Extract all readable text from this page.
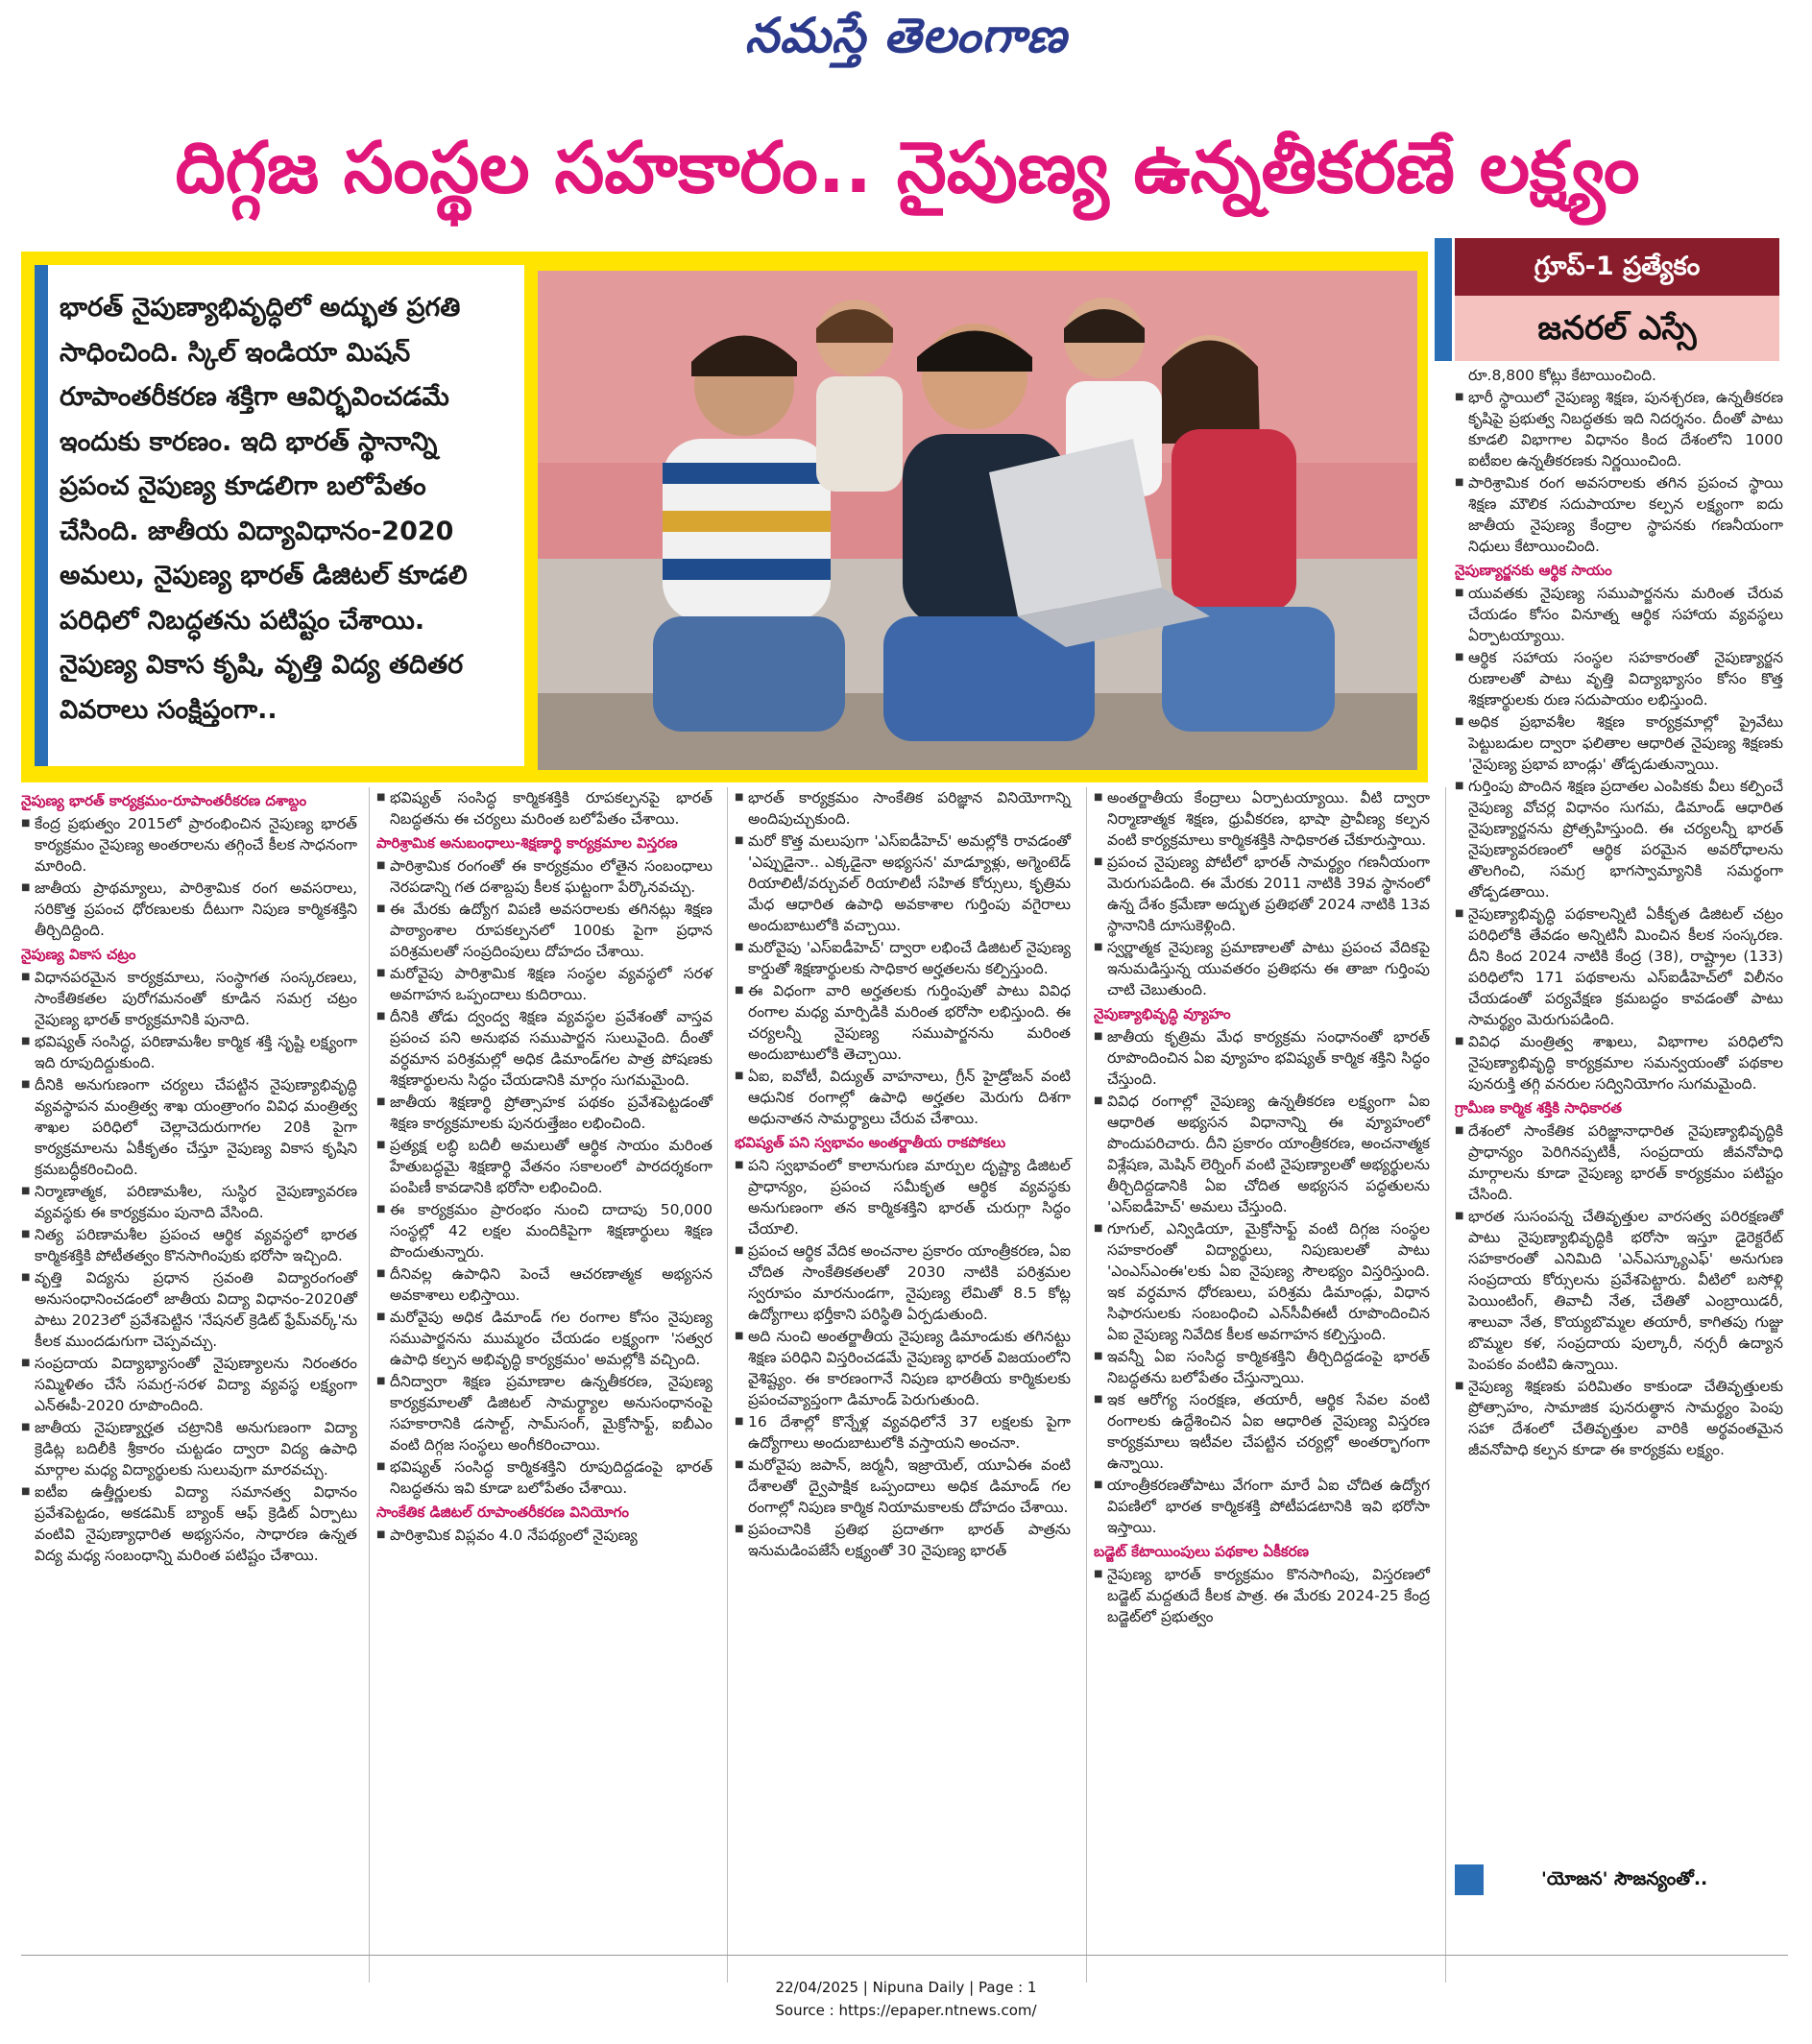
నమస్తే తెలంగాణ
దిగ్గజ సంస్థల సహకారం.. నైపుణ్య ఉన్నతీకరణే లక్ష్యం

భారత్‌ నైపుణ్యాభివృద్ధిలో అద్భుత ప్రగతి సాధించింది. స్కిల్‌ ఇండియా మిషన్‌ రూపాంతరీకరణ శక్తిగా ఆవిర్భవించడమే ఇందుకు కారణం. ఇది భారత్‌ స్థానాన్ని ప్రపంచ నైపుణ్య కూడలిగా బలోపేతం చేసింది. జాతీయ విద్యావిధానం-2020 అమలు, నైపుణ్య భారత్‌ డిజిటల్‌ కూడలి పరిధిలో నిబద్ధతను పటిష్టం చేశాయి. నైపుణ్య వికాస కృషి, వృత్తి విద్య తదితర వివరాలు సంక్షిప్తంగా..

గ్రూప్‌-1 ప్రత్యేకం
జనరల్‌ ఎస్సే
నైపుణ్య భారత్‌ కార్యక్రమం-రూపాంతరీకరణ దశాబ్దం

■ కేంద్ర ప్రభుత్వం 2015లో ప్రారంభించిన నైపుణ్య భారత్‌ కార్యక్రమం నైపుణ్య అంతరాలను తగ్గించే కీలక సాధనంగా మారింది.

■ జాతీయ ప్రాథమ్యాలు, పారిశ్రామిక రంగ అవసరాలు, సరికొత్త ప్రపంచ ధోరణులకు దీటుగా నిపుణ కార్మికశక్తిని తీర్చిదిద్దింది.

నైపుణ్య వికాస చట్రం

■ విధానపరమైన కార్యక్రమాలు, సంస్థాగత సంస్కరణలు, సాంకేతికతల పురోగమనంతో కూడిన సమగ్ర చట్రం నైపుణ్య భారత్‌ కార్యక్రమానికి పునాది.

■ భవిష్యత్‌ సంసిద్ధ, పరిణామశీల కార్మిక శక్తి సృష్టి లక్ష్యంగా ఇది రూపుదిద్దుకుంది.

■ దీనికి అనుగుణంగా చర్యలు చేపట్టిన నైపుణ్యాభివృద్ధి వ్యవస్థాపన మంత్రిత్వ శాఖ యంత్రాంగం వివిధ మంత్రిత్వ శాఖల పరిధిలో చెల్లాచెదురుగాగల 20కి పైగా కార్యక్రమాలను ఏకీకృతం చేస్తూ నైపుణ్య వికాస కృషిని క్రమబద్ధీకరించింది.

■ నిర్మాణాత్మక, పరిణామశీల, సుస్థిర నైపుణ్యావరణ వ్యవస్థకు ఈ కార్యక్రమం పునాది వేసింది.

■ నిత్య పరిణామశీల ప్రపంచ ఆర్థిక వ్యవస్థలో భారత కార్మికశక్తికి పోటీతత్వం కొనసాగింపుకు భరోసా ఇచ్చింది.

■ వృత్తి విద్యను ప్రధాన స్రవంతి విద్యారంగంతో అనుసంధానించడంలో జాతీయ విద్యా విధానం-2020తో పాటు 2023లో ప్రవేశపెట్టిన 'నేషనల్‌ క్రెడిట్‌ ఫ్రేమ్‌వర్క్‌'ను కీలక ముందడుగుగా చెప్పవచ్చు.

■ సంప్రదాయ విద్యాభ్యాసంతో నైపుణ్యాలను నిరంతరం సమ్మిళితం చేసే సమగ్ర-సరళ విద్యా వ్యవస్థ లక్ష్యంగా ఎన్‌ఈపీ-2020 రూపొందింది.

■ జాతీయ నైపుణ్యార్హత చట్రానికి అనుగుణంగా విద్యా క్రెడిట్ల బదిలీకి శ్రీకారం చుట్టడం ద్వారా విద్య ఉపాధి మార్గాల మధ్య విద్యార్థులకు సులువుగా మారవచ్చు.

■ ఐటీఐ ఉత్తీర్ణులకు విద్యా సమానత్వ విధానం ప్రవేశపెట్టడం, అకడమిక్‌ బ్యాంక్‌ ఆఫ్‌ క్రెడిట్‌ ఏర్పాటు వంటివి నైపుణ్యాధారిత అభ్యసనం, సాధారణ ఉన్నత విద్య మధ్య సంబంధాన్ని మరింత పటిష్టం చేశాయి.

■ భవిష్యత్‌ సంసిద్ధ కార్మికశక్తికి రూపకల్పనపై భారత్‌ నిబద్ధతను ఈ చర్యలు మరింత బలోపేతం చేశాయి.

పారిశ్రామిక అనుబంధాలు-శిక్షణార్థి కార్యక్రమాల విస్తరణ

■ పారిశ్రామిక రంగంతో ఈ కార్యక్రమం లోతైన సంబంధాలు నెరపడాన్ని గత దశాబ్దపు కీలక ఘట్టంగా పేర్కొనవచ్చు.

■ ఈ మేరకు ఉద్యోగ విపణి అవసరాలకు తగినట్లు శిక్షణ పాఠ్యాంశాల రూపకల్పనలో 100కు పైగా ప్రధాన పరిశ్రమలతో సంప్రదింపులు దోహదం చేశాయి.

■ మరోవైపు పారిశ్రామిక శిక్షణ సంస్థల వ్యవస్థలో సరళ అవగాహన ఒప్పందాలు కుదిరాయి.

■ దీనికి తోడు ద్వంద్వ శిక్షణ వ్యవస్థల ప్రవేశంతో వాస్తవ ప్రపంచ పని అనుభవ సముపార్జన సులువైంది. దీంతో వర్ధమాన పరిశ్రమల్లో అధిక డిమాండ్‌గల పాత్ర పోషణకు శిక్షణార్థులను సిద్ధం చేయడానికి మార్గం సుగమమైంది.

■ జాతీయ శిక్షణార్థి ప్రోత్సాహక పథకం ప్రవేశపెట్టడంతో శిక్షణ కార్యక్రమాలకు పునరుత్తేజం లభించింది.

■ ప్రత్యక్ష లబ్ధి బదిలీ అమలుతో ఆర్థిక సాయం మరింత హేతుబద్ధమై శిక్షణార్థి వేతనం సకాలంలో పారదర్శకంగా పంపిణీ కావడానికి భరోసా లభించింది.

■ ఈ కార్యక్రమం ప్రారంభం నుంచి దాదాపు 50,000 సంస్థల్లో 42 లక్షల మందికిపైగా శిక్షణార్థులు శిక్షణ పొందుతున్నారు.

■ దీనివల్ల ఉపాధిని పెంచే ఆచరణాత్మక అభ్యసన అవకాశాలు లభిస్తాయి.

■ మరోవైపు అధిక డిమాండ్‌ గల రంగాల కోసం నైపుణ్య సముపార్జనను ముమ్మరం చేయడం లక్ష్యంగా 'సత్వర ఉపాధి కల్పన అభివృద్ధి కార్యక్రమం' అమల్లోకి వచ్చింది.

■ దీనిద్వారా శిక్షణ ప్రమాణాల ఉన్నతీకరణ, నైపుణ్య కార్యక్రమాలతో డిజిటల్‌ సామర్థ్యాల అనుసంధానంపై సహకారానికి డసాల్ట్‌, సామ్‌సంగ్‌, మైక్రోసాఫ్ట్‌, ఐబీఎం వంటి దిగ్గజ సంస్థలు అంగీకరించాయి.

■ భవిష్యత్‌ సంసిద్ధ కార్మికశక్తిని రూపుదిద్దడంపై భారత్‌ నిబద్ధతను ఇవి కూడా బలోపేతం చేశాయి.

సాంకేతిక డిజిటల్‌ రూపాంతరీకరణ వినియోగం

■ పారిశ్రామిక విప్లవం 4.0 నేపథ్యంలో నైపుణ్య

■ భారత్‌ కార్యక్రమం సాంకేతిక పరిజ్ఞాన వినియోగాన్ని అందిపుచ్చుకుంది.

■ మరో కొత్త మలుపుగా 'ఎస్‌ఐడీహెచ్‌' అమల్లోకి రావడంతో 'ఎప్పుడైనా.. ఎక్కడైనా అభ్యసన' మాడ్యూళ్లు, అగ్మెంటెడ్‌ రియాలిటీ/వర్చువల్‌ రియాలిటీ సహిత కోర్సులు, కృత్రిమ మేధ ఆధారిత ఉపాధి అవకాశాల గుర్తింపు వగైరాలు అందుబాటులోకి వచ్చాయి.

■ మరోవైపు 'ఎస్‌ఐడీహెచ్‌' ద్వారా లభించే డిజిటల్‌ నైపుణ్య కార్డుతో శిక్షణార్థులకు సాధికార అర్హతలను కల్పిస్తుంది.

■ ఈ విధంగా వారి అర్హతలకు గుర్తింపుతో పాటు వివిధ రంగాల మధ్య మార్పిడికి మరింత భరోసా లభిస్తుంది. ఈ చర్యలన్నీ నైపుణ్య సముపార్జనను మరింత అందుబాటులోకి తెచ్చాయి.

■ ఏఐ, ఐవోటీ, విద్యుత్‌ వాహనాలు, గ్రీన్‌ హైడ్రోజన్‌ వంటి ఆధునిక రంగాల్లో ఉపాధి అర్హతల మెరుగు దిశగా అధునాతన సామర్థ్యాలు చేరువ చేశాయి.

భవిష్యత్‌ పని స్వభావం అంతర్జాతీయ రాకపోకలు

■ పని స్వభావంలో కాలానుగుణ మార్పుల దృష్ట్యా డిజిటల్‌ ప్రాధాన్యం, ప్రపంచ సమీకృత ఆర్థిక వ్యవస్థకు అనుగుణంగా తన కార్మికశక్తిని భారత్‌ చురుగ్గా సిద్ధం చేయాలి.

■ ప్రపంచ ఆర్థిక వేదిక అంచనాల ప్రకారం యాంత్రీకరణ, ఏఐ చోదిత సాంకేతికతలతో 2030 నాటికి పరిశ్రమల స్వరూపం మారనుండగా, నైపుణ్య లేమితో 8.5 కోట్ల ఉద్యోగాలు భర్తీకాని పరిస్థితి ఏర్పడుతుంది.

■ అది నుంచి అంతర్జాతీయ నైపుణ్య డిమాండుకు తగినట్టు శిక్షణ పరిధిని విస్తరించడమే నైపుణ్య భారత్‌ విజయంలోని వైశిష్ట్యం. ఈ కారణంగానే నిపుణ భారతీయ కార్మికులకు ప్రపంచవ్యాప్తంగా డిమాండ్‌ పెరుగుతుంది.

■ 16 దేశాల్లో కొన్నేళ్ల వ్యవధిలోనే 37 లక్షలకు పైగా ఉద్యోగాలు అందుబాటులోకి వస్తాయని అంచనా.

■ మరోవైపు జపాన్‌, జర్మనీ, ఇజ్రాయెల్‌, యూఏఈ వంటి దేశాలతో ద్వైపాక్షిక ఒప్పందాలు అధిక డిమాండ్‌ గల రంగాల్లో నిపుణ కార్మిక నియామకాలకు దోహదం చేశాయి.

■ ప్రపంచానికి ప్రతిభ ప్రదాతగా భారత్‌ పాత్రను ఇనుమడింపజేసే లక్ష్యంతో 30 నైపుణ్య భారత్‌

■ అంతర్జాతీయ కేంద్రాలు ఏర్పాటయ్యాయి. వీటి ద్వారా నిర్మాణాత్మక శిక్షణ, ధ్రువీకరణ, భాషా ప్రావీణ్య కల్పన వంటి కార్యక్రమాలు కార్మికశక్తికి సాధికారత చేకూరుస్తాయి.

■ ప్రపంచ నైపుణ్య పోటీలో భారత్‌ సామర్థ్యం గణనీయంగా మెరుగుపడింది. ఈ మేరకు 2011 నాటికి 39వ స్థానంలో ఉన్న దేశం క్రమేణా అద్భుత ప్రతిభతో 2024 నాటికి 13వ స్థానానికి దూసుకెళ్లింది.

■ స్వర్ణాత్మక నైపుణ్య ప్రమాణాలతో పాటు ప్రపంచ వేదికపై ఇనుమడిస్తున్న యువతరం ప్రతిభను ఈ తాజా గుర్తింపు చాటి చెబుతుంది.

నైపుణ్యాభివృద్ధి వ్యూహం

■ జాతీయ కృత్రిమ మేధ కార్యక్రమ సంధానంతో భారత్‌ రూపొందించిన ఏఐ వ్యూహం భవిష్యత్‌ కార్మిక శక్తిని సిద్ధం చేస్తుంది.

■ వివిధ రంగాల్లో నైపుణ్య ఉన్నతీకరణ లక్ష్యంగా ఏఐ ఆధారిత అభ్యసన విధానాన్ని ఈ వ్యూహంలో పొందుపరిచారు. దీని ప్రకారం యాంత్రీకరణ, అంచనాత్మక విశ్లేషణ, మెషిన్‌ లెర్నింగ్‌ వంటి నైపుణ్యాలతో అభ్యర్థులను తీర్చిదిద్దడానికి ఏఐ చోదిత అభ్యసన పద్ధతులను 'ఎస్‌ఐడీహెచ్‌' అమలు చేస్తుంది.

■ గూగుల్‌, ఎన్విడియా, మైక్రోసాఫ్ట్‌ వంటి దిగ్గజ సంస్థల సహకారంతో విద్యార్థులు, నిపుణులతో పాటు 'ఎంఎస్‌ఎంఈ'లకు ఏఐ నైపుణ్య సౌలభ్యం విస్తరిస్తుంది. ఇక వర్ధమాన ధోరణులు, పరిశ్రమ డిమాండ్లు, విధాన సిఫారసులకు సంబంధించి ఎన్‌సీవీఈటీ రూపొందించిన ఏఐ నైపుణ్య నివేదిక కీలక అవగాహన కల్పిస్తుంది.

■ ఇవన్నీ ఏఐ సంసిద్ధ కార్మికశక్తిని తీర్చిదిద్దడంపై భారత్‌ నిబద్ధతను బలోపేతం చేస్తున్నాయి.

■ ఇక ఆరోగ్య సంరక్షణ, తయారీ, ఆర్థిక సేవల వంటి రంగాలకు ఉద్దేశించిన ఏఐ ఆధారిత నైపుణ్య విస్తరణ కార్యక్రమాలు ఇటీవల చేపట్టిన చర్యల్లో అంతర్భాగంగా ఉన్నాయి.

■ యాంత్రీకరణతోపాటు వేగంగా మారే ఏఐ చోదిత ఉద్యోగ విపణిలో భారత కార్మికశక్తి పోటీపడటానికి ఇవి భరోసా ఇస్తాయి.

బడ్జెట్‌ కేటాయింపులు పథకాల ఏకీకరణ

■ నైపుణ్య భారత్‌ కార్యక్రమం కొనసాగింపు, విస్తరణలో బడ్జెట్‌ మద్దతుదే కీలక పాత్ర. ఈ మేరకు 2024-25 కేంద్ర బడ్జెట్‌లో ప్రభుత్వం

రూ.8,800 కోట్లు కేటాయించింది.

■ భారీ స్థాయిలో నైపుణ్య శిక్షణ, పునశ్చరణ, ఉన్నతీకరణ కృషిపై ప్రభుత్వ నిబద్ధతకు ఇది నిదర్శనం. దీంతో పాటు కూడలి విభాగాల విధానం కింద దేశంలోని 1000 ఐటీఐల ఉన్నతీకరణకు నిర్ణయించింది.

■ పారిశ్రామిక రంగ అవసరాలకు తగిన ప్రపంచ స్థాయి శిక్షణ మౌలిక సదుపాయాల కల్పన లక్ష్యంగా ఐదు జాతీయ నైపుణ్య కేంద్రాల స్థాపనకు గణనీయంగా నిధులు కేటాయించింది.

నైపుణ్యార్జనకు ఆర్థిక సాయం

■ యువతకు నైపుణ్య సముపార్జనను మరింత చేరువ చేయడం కోసం వినూత్న ఆర్థిక సహాయ వ్యవస్థలు ఏర్పాటయ్యాయి.

■ ఆర్థిక సహాయ సంస్థల సహకారంతో నైపుణ్యార్జన రుణాలతో పాటు వృత్తి విద్యాభ్యాసం కోసం కొత్త శిక్షణార్థులకు రుణ సదుపాయం లభిస్తుంది.

■ అధిక ప్రభావశీల శిక్షణ కార్యక్రమాల్లో ప్రైవేటు పెట్టుబడుల ద్వారా ఫలితాల ఆధారిత నైపుణ్య శిక్షణకు 'నైపుణ్య ప్రభావ బాండ్లు' తోడ్పడుతున్నాయి.

■ గుర్తింపు పొందిన శిక్షణ ప్రదాతల ఎంపికకు వీలు కల్పించే నైపుణ్య వోచర్ల విధానం సుగమ, డిమాండ్‌ ఆధారిత నైపుణ్యార్జనను ప్రోత్సహిస్తుంది. ఈ చర్యలన్నీ భారత్‌ నైపుణ్యావరణంలో ఆర్థిక పరమైన అవరోధాలను తొలగించి, సమగ్ర భాగస్వామ్యానికి సమర్థంగా తోడ్పడతాయి.

■ నైపుణ్యాభివృద్ధి పథకాలన్నిటి ఏకీకృత డిజిటల్‌ చట్రం పరిధిలోకి తేవడం అన్నిటినీ మించిన కీలక సంస్కరణ. దీని కింద 2024 నాటికి కేంద్ర (38), రాష్ట్రాల (133) పరిధిలోని 171 పథకాలను ఎస్‌ఐడీహెచ్‌లో విలీనం చేయడంతో పర్యవేక్షణ క్రమబద్ధం కావడంతో పాటు సామర్థ్యం మెరుగుపడింది.

■ వివిధ మంత్రిత్వ శాఖలు, విభాగాల పరిధిలోని నైపుణ్యాభివృద్ధి కార్యక్రమాల సమన్వయంతో పథకాల పునరుక్తి తగ్గి వనరుల సద్వినియోగం సుగమమైంది.

గ్రామీణ కార్మిక శక్తికి సాధికారత

■ దేశంలో సాంకేతిక పరిజ్ఞానాధారిత నైపుణ్యాభివృద్ధికి ప్రాధాన్యం పెరిగినప్పటికీ, సంప్రదాయ జీవనోపాధి మార్గాలను కూడా నైపుణ్య భారత్‌ కార్యక్రమం పటిష్టం చేసింది.

■ భారత సుసంపన్న చేతివృత్తుల వారసత్వ పరిరక్షణతో పాటు నైపుణ్యాభివృద్ధికి భరోసా ఇస్తూ డైరెక్టరేట్‌ సహకారంతో ఎనిమిది 'ఎన్‌ఎస్క్యూఎఫ్‌' అనుగుణ సంప్రదాయ కోర్సులను ప్రవేశపెట్టారు. వీటిలో బసోళ్లి పెయింటింగ్‌, తివాచీ నేత, చేతితో ఎంబ్రాయిడరీ, శాలువా నేత, కొయ్యబొమ్మల తయారీ, కాగితపు గుజ్జు బొమ్మల కళ, సంప్రదాయ పుల్కారీ, నర్సరీ ఉద్యాన పెంపకం వంటివి ఉన్నాయి.

■ నైపుణ్య శిక్షణకు పరిమితం కాకుండా చేతివృత్తులకు ప్రోత్సాహం, సామాజిక పునరుత్థాన సామర్థ్యం పెంపు సహా దేశంలో చేతివృత్తుల వారికి అర్థవంతమైన జీవనోపాధి కల్పన కూడా ఈ కార్యక్రమ లక్ష్యం.

'యోజన' సౌజన్యంతో..
22/04/2025 | Nipuna Daily | Page : 1
Source : https://epaper.ntnews.com/
